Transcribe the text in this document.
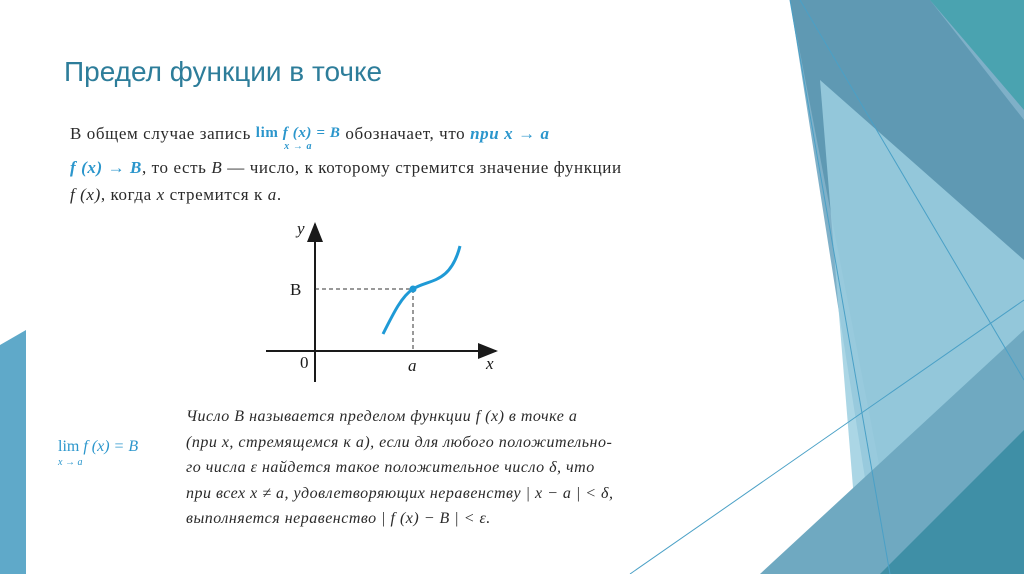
Предел функции в точке

В общем случае запись lim f (x) = B
x → a
обозначает, что при x → a
f (x) → B, то есть B — число, к которому стремится значение функции
f (x), когда x стремится к a.

y
x
B
0	a
lim f (x) = B
x → a

Число B называется пределом функции f (x) в точке a
(при x, стремящемся к a), если для любого положительно-
го числа ε найдется такое положительное число δ, что
при всех x ≠ a, удовлетворяющих неравенству | x − a | < δ,
выполняется неравенство | f (x) − B | < ε.
